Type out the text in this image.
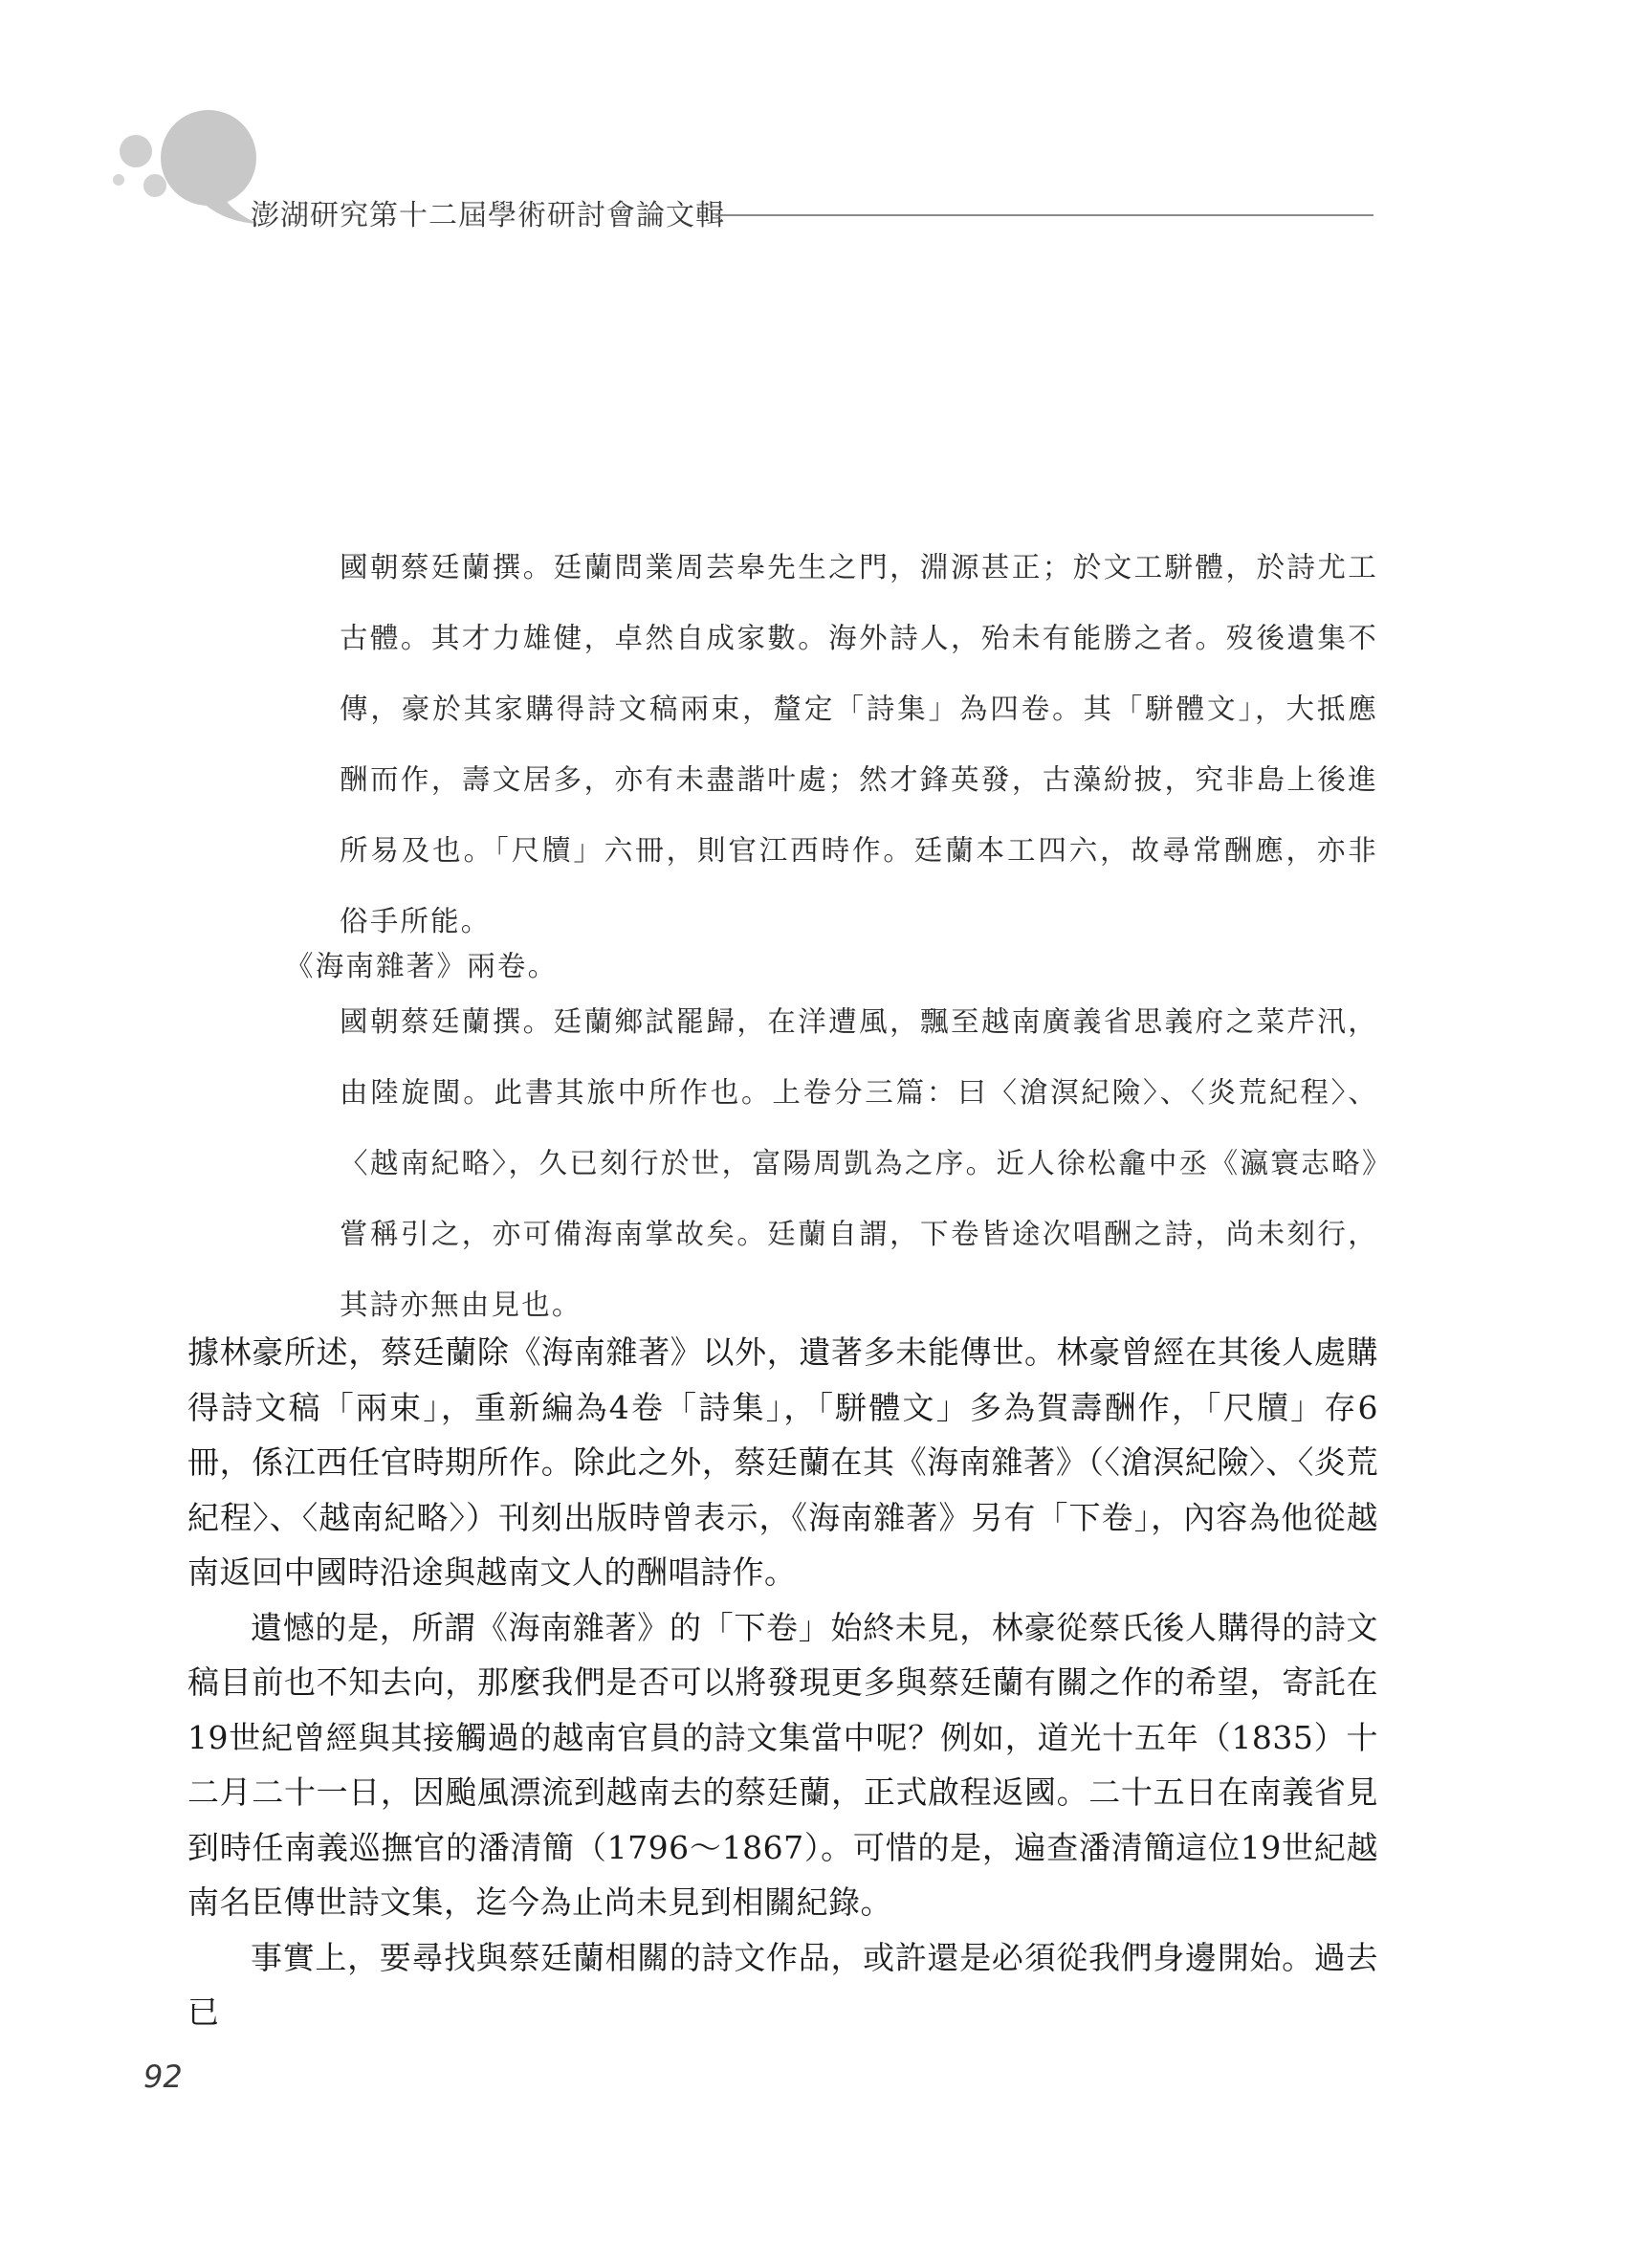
澎湖研究第十二屆學術研討會論文輯

國朝蔡廷蘭撰。廷蘭問業周芸皋先生之門，淵源甚正；於文工駢體，於詩尤工古體。其才力雄健，卓然自成家數。海外詩人，殆未有能勝之者。歿後遺集不傳，豪於其家購得詩文稿兩束，釐定「詩集」為四卷。其「駢體文」，大抵應酬而作，壽文居多，亦有未盡諧叶處；然才鋒英發，古藻紛披，究非島上後進所易及也。「尺牘」六冊，則官江西時作。廷蘭本工四六，故尋常酬應，亦非俗手所能。

《海南雜著》兩卷。

國朝蔡廷蘭撰。廷蘭鄉試罷歸，在洋遭風，飄至越南廣義省思義府之菜芹汛，由陸旋閩。此書其旅中所作也。上卷分三篇：曰〈滄溟紀險〉、〈炎荒紀程〉、〈越南紀略〉，久已刻行於世，富陽周凱為之序。近人徐松龕中丞《瀛寰志略》嘗稱引之，亦可備海南掌故矣。廷蘭自謂，下卷皆途次唱酬之詩，尚未刻行，其詩亦無由見也。

據林豪所述，蔡廷蘭除《海南雜著》以外，遺著多未能傳世。林豪曾經在其後人處購得詩文稿「兩束」，重新編為4卷「詩集」，「駢體文」多為賀壽酬作，「尺牘」存6冊，係江西任官時期所作。除此之外，蔡廷蘭在其《海南雜著》（〈滄溟紀險〉、〈炎荒紀程〉、〈越南紀略〉）刊刻出版時曾表示，《海南雜著》另有「下卷」，內容為他從越南返回中國時沿途與越南文人的酬唱詩作。

遺憾的是，所謂《海南雜著》的「下卷」始終未見，林豪從蔡氏後人購得的詩文稿目前也不知去向，那麼我們是否可以將發現更多與蔡廷蘭有關之作的希望，寄託在19世紀曾經與其接觸過的越南官員的詩文集當中呢？例如，道光十五年（1835）十二月二十一日，因颱風漂流到越南去的蔡廷蘭，正式啟程返國。二十五日在南義省見到時任南義巡撫官的潘清簡（1796～1867）。可惜的是，遍查潘清簡這位19世紀越南名臣傳世詩文集，迄今為止尚未見到相關紀錄。

事實上，要尋找與蔡廷蘭相關的詩文作品，或許還是必須從我們身邊開始。過去已

92
